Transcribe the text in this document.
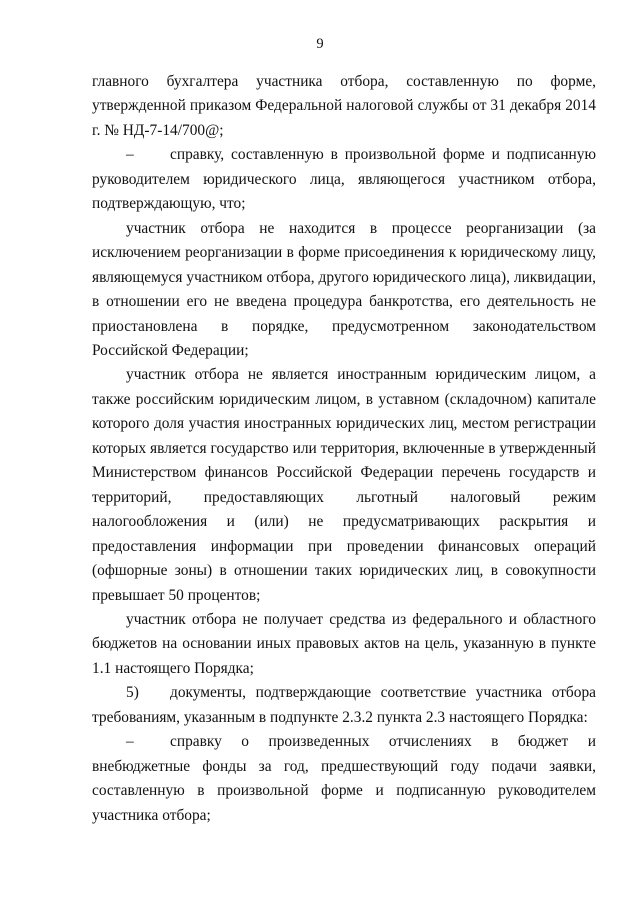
9

главного бухгалтера участника отбора, составленную по форме, утвержденной приказом Федеральной налоговой службы от 31 декабря 2014 г. № НД-7-14/700@;

– справку, составленную в произвольной форме и подписанную руководителем юридического лица, являющегося участником отбора, подтверждающую, что;

участник отбора не находится в процессе реорганизации (за исключением реорганизации в форме присоединения к юридическому лицу, являющемуся участником отбора, другого юридического лица), ликвидации, в отношении его не введена процедура банкротства, его деятельность не приостановлена в порядке, предусмотренном законодательством Российской Федерации;

участник отбора не является иностранным юридическим лицом, а также российским юридическим лицом, в уставном (складочном) капитале которого доля участия иностранных юридических лиц, местом регистрации которых является государство или территория, включенные в утвержденный Министерством финансов Российской Федерации перечень государств и территорий, предоставляющих льготный налоговый режим налогообложения и (или) не предусматривающих раскрытия и предоставления информации при проведении финансовых операций (офшорные зоны) в отношении таких юридических лиц, в совокупности превышает 50 процентов;

участник отбора не получает средства из федерального и областного бюджетов на основании иных правовых актов на цель, указанную в пункте 1.1 настоящего Порядка;

5) документы, подтверждающие соответствие участника отбора требованиям, указанным в подпункте 2.3.2 пункта 2.3 настоящего Порядка:

– справку о произведенных отчислениях в бюджет и внебюджетные фонды за год, предшествующий году подачи заявки, составленную в произвольной форме и подписанную руководителем участника отбора;
